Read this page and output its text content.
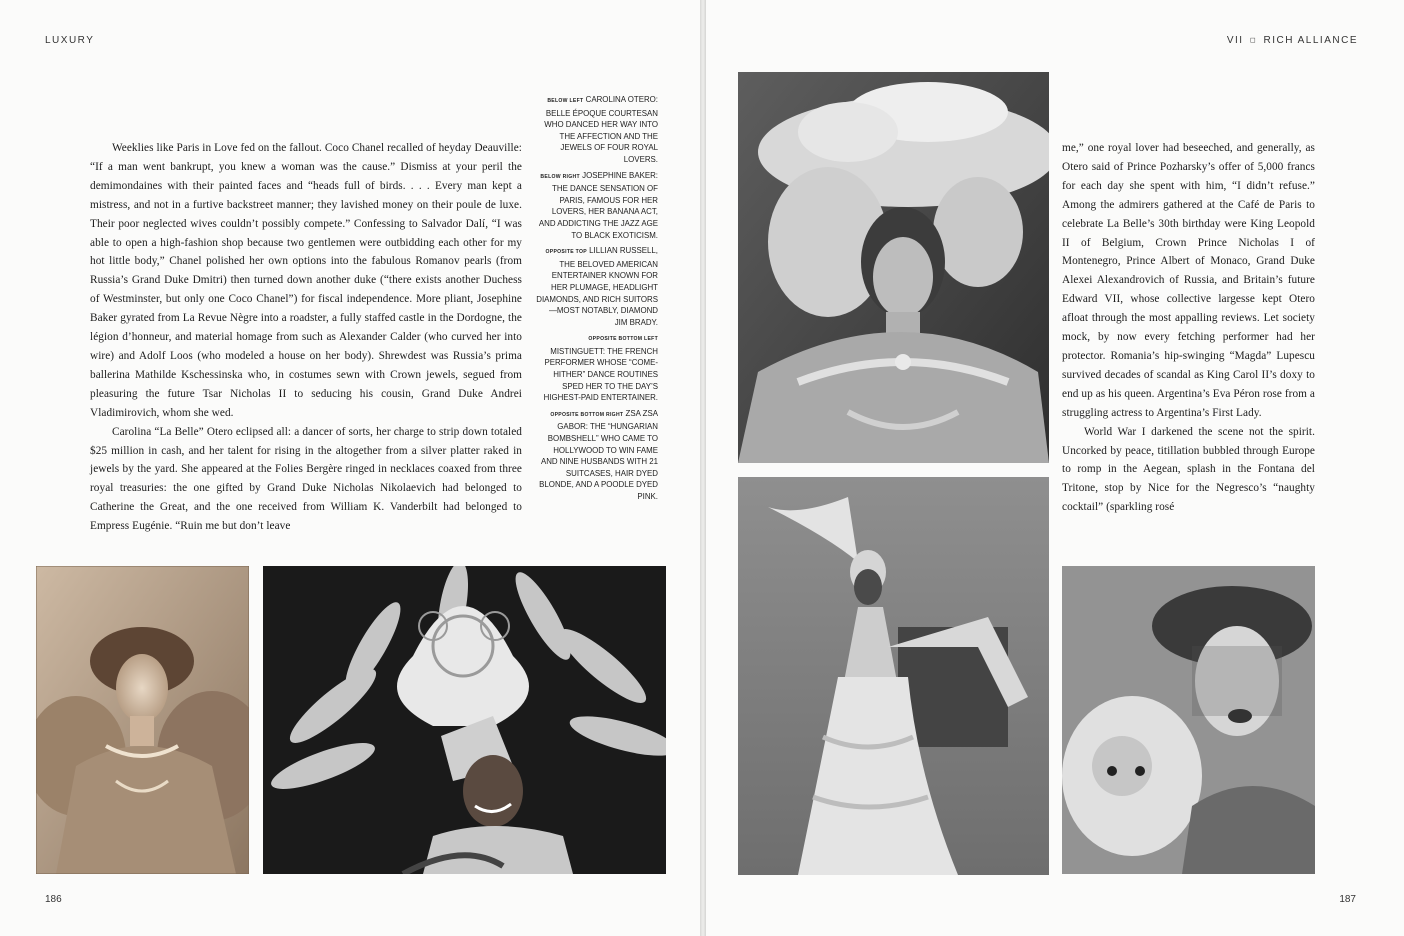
LUXURY

Weeklies like Paris in Love fed on the fallout. Coco Chanel recalled of heyday Deauville: “If a man went bankrupt, you knew a woman was the cause.” Dismiss at your peril the demimondaines with their painted faces and “heads full of birds. . . . Every man kept a mistress, and not in a furtive backstreet manner; they lavished money on their poule de luxe. Their poor neglected wives couldn’t possibly compete.” Confessing to Salvador Dalí, “I was able to open a high-fashion shop because two gentlemen were outbidding each other for my hot little body,” Chanel polished her own options into the fabulous Romanov pearls (from Russia’s Grand Duke Dmitri) then turned down another duke (“there exists another Duchess of Westminster, but only one Coco Chanel”) for fiscal independence. More pliant, Josephine Baker gyrated from La Revue Nègre into a roadster, a fully staffed castle in the Dordogne, the légion d’honneur, and material homage from such as Alexander Calder (who curved her into wire) and Adolf Loos (who modeled a house on her body). Shrewdest was Russia’s prima ballerina Mathilde Kschessinska who, in costumes sewn with Crown jewels, segued from pleasuring the future Tsar Nicholas II to seducing his cousin, Grand Duke Andrei Vladimirovich, whom she wed.

Carolina “La Belle” Otero eclipsed all: a dancer of sorts, her charge to strip down totaled $25 million in cash, and her talent for rising in the altogether from a silver platter raked in jewels by the yard. She appeared at the Folies Bergère ringed in necklaces coaxed from three royal treasuries: the one gifted by Grand Duke Nicholas Nikolaevich had belonged to Catherine the Great, and the one received from William K. Vanderbilt had belonged to Empress Eugénie. “Ruin me but don’t leave

BELOW LEFT CAROLINA OTERO: BELLE ÉPOQUE COURTESAN WHO DANCED HER WAY INTO THE AFFECTION AND THE JEWELS OF FOUR ROYAL LOVERS.
BELOW RIGHT JOSEPHINE BAKER: THE DANCE SENSATION OF PARIS, FAMOUS FOR HER LOVERS, HER BANANA ACT, AND ADDICTING THE JAZZ AGE TO BLACK EXOTICISM.
OPPOSITE TOP LILLIAN RUSSELL, THE BELOVED AMERICAN ENTERTAINER KNOWN FOR HER PLUMAGE, HEADLIGHT DIAMONDS, AND RICH SUITORS—MOST NOTABLY, DIAMOND JIM BRADY.
OPPOSITE BOTTOM LEFT MISTINGUETT: THE FRENCH PERFORMER WHOSE “COME-HITHER” DANCE ROUTINES SPED HER TO THE DAY’S HIGHEST-PAID ENTERTAINER.
OPPOSITE BOTTOM RIGHT ZSA ZSA GABOR: THE “HUNGARIAN BOMBSHELL” WHO CAME TO HOLLYWOOD TO WIN FAME AND NINE HUSBANDS WITH 21 SUITCASES, HAIR DYED BLONDE, AND A POODLE DYED PINK.
186
VII ◻ RICH ALLIANCE

me,” one royal lover had beseeched, and generally, as Otero said of Prince Pozharsky’s offer of 5,000 francs for each day she spent with him, “I didn’t refuse.” Among the admirers gathered at the Café de Paris to celebrate La Belle’s 30th birthday were King Leopold II of Belgium, Crown Prince Nicholas I of Montenegro, Prince Albert of Monaco, Grand Duke Alexei Alexandrovich of Russia, and Britain’s future Edward VII, whose collective largesse kept Otero afloat through the most appalling reviews. Let society mock, by now every fetching performer had her protector. Romania’s hip-swinging “Magda” Lupescu survived decades of scandal as King Carol II’s doxy to end up as his queen. Argentina’s Eva Péron rose from a struggling actress to Argentina’s First Lady.

World War I darkened the scene not the spirit. Uncorked by peace, titillation bubbled through Europe to romp in the Aegean, splash in the Fontana del Tritone, stop by Nice for the Negresco’s “naughty cocktail” (sparkling rosé

187
